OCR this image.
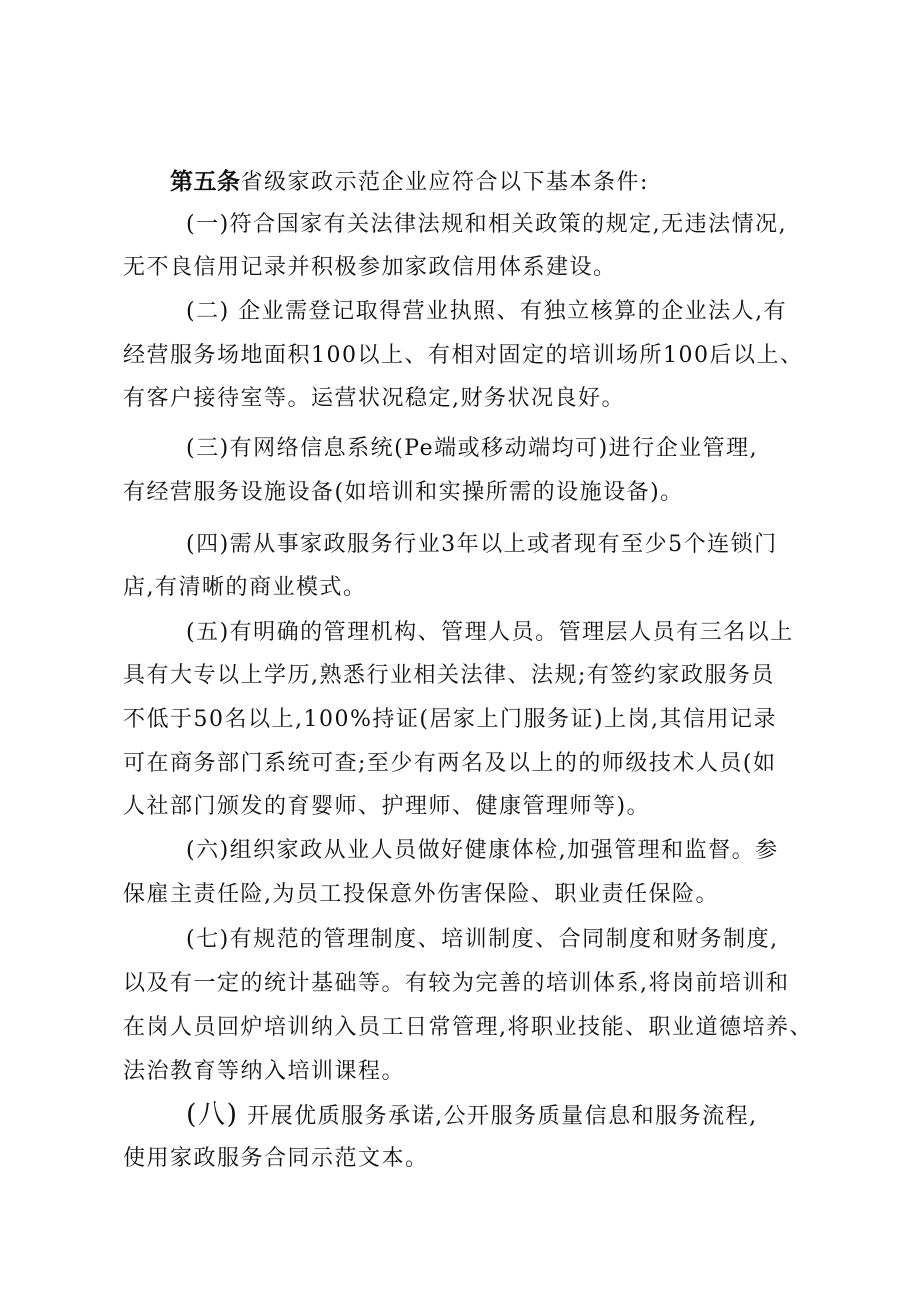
第五条省级家政示范企业应符合以下基本条件:
(一)符合国家有关法律法规和相关政策的规定,无违法情况,
无不良信用记录并积极参加家政信用体系建设。
(二) 企业需登记取得营业执照、有独立核算的企业法人,有
经营服务场地面积100以上、有相对固定的培训场所100后以上、
有客户接待室等。运营状况稳定,财务状况良好。
(三)有网络信息系统(Pe端或移动端均可)进行企业管理,
有经营服务设施设备(如培训和实操所需的设施设备)。
(四)需从事家政服务行业3年以上或者现有至少5个连锁门
店,有清晰的商业模式。
(五)有明确的管理机构、管理人员。管理层人员有三名以上
具有大专以上学历,熟悉行业相关法律、法规;有签约家政服务员
不低于50名以上,100%持证(居家上门服务证)上岗,其信用记录
可在商务部门系统可查;至少有两名及以上的的师级技术人员(如
人社部门颁发的育婴师、护理师、健康管理师等)。
(六)组织家政从业人员做好健康体检,加强管理和监督。参
保雇主责任险,为员工投保意外伤害保险、职业责任保险。
(七)有规范的管理制度、培训制度、合同制度和财务制度,
以及有一定的统计基础等。有较为完善的培训体系,将岗前培训和
在岗人员回炉培训纳入员工日常管理,将职业技能、职业道德培养、
法治教育等纳入培训课程。
(八) 开展优质服务承诺,公开服务质量信息和服务流程,
使用家政服务合同示范文本。
